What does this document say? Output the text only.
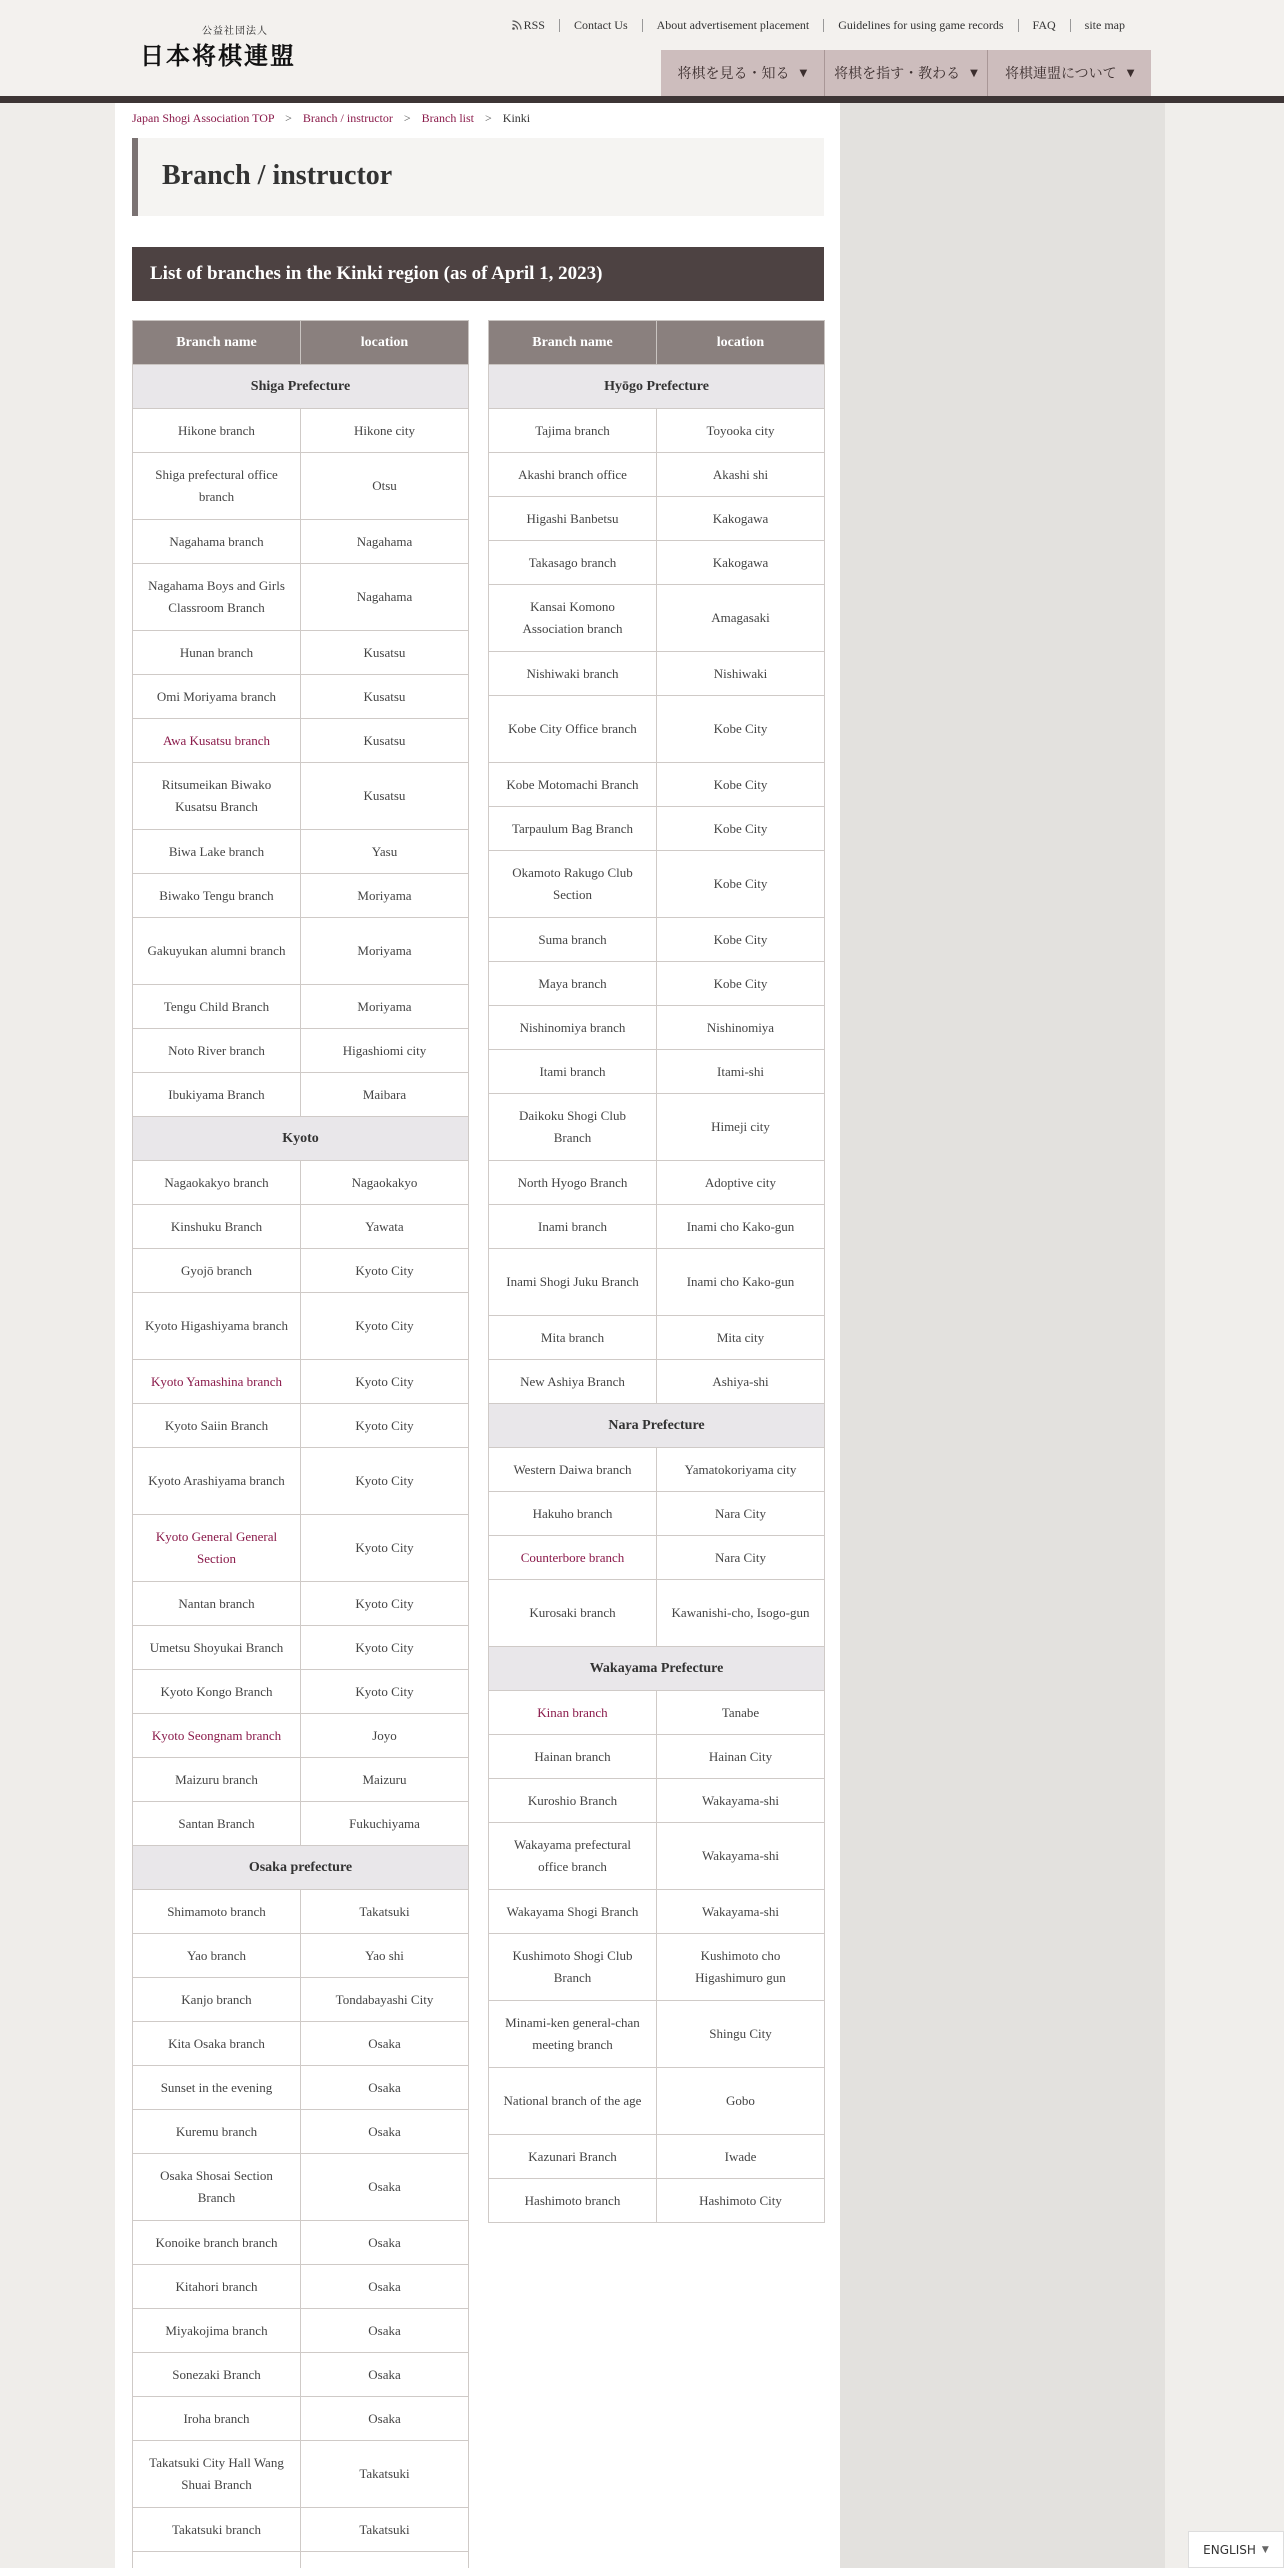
公益社団法人
日本将棋連盟
RSS	Contact Us	About advertisement placement	Guidelines for using game records	FAQ	site map
将棋を見る・知る ▼ 将棋を指す・教わる ▼ 将棋連盟について ▼
Japan Shogi Association TOP > Branch / instructor > Branch list > Kinki
Branch / instructor
List of branches in the Kinki region (as of April 1, 2023)
Branch name	location
Shiga Prefecture	
Hikone branch	Hikone city
Shiga prefectural office branch	Otsu
Nagahama branch	Nagahama
Nagahama Boys and Girls Classroom Branch	Nagahama
Hunan branch	Kusatsu
Omi Moriyama branch	Kusatsu
Awa Kusatsu branch	Kusatsu
Ritsumeikan Biwako Kusatsu Branch	Kusatsu
Biwa Lake branch	Yasu
Biwako Tengu branch	Moriyama
Gakuyukan alumni branch	Moriyama
Tengu Child Branch	Moriyama
Noto River branch	Higashiomi city
Ibukiyama Branch	Maibara
Kyoto	
Nagaokakyo branch	Nagaokakyo
Kinshuku Branch	Yawata
Gyojō branch	Kyoto City
Kyoto Higashiyama branch	Kyoto City
Kyoto Yamashina branch	Kyoto City
Kyoto Saiin Branch	Kyoto City
Kyoto Arashiyama branch	Kyoto City
Kyoto General General Section	Kyoto City
Nantan branch	Kyoto City
Umetsu Shoyukai Branch	Kyoto City
Kyoto Kongo Branch	Kyoto City
Kyoto Seongnam branch	Joyo
Maizuru branch	Maizuru
Santan Branch	Fukuchiyama
Osaka prefecture	
Shimamoto branch	Takatsuki
Yao branch	Yao shi
Kanjo branch	Tondabayashi City
Kita Osaka branch	Osaka
Sunset in the evening	Osaka
Kuremu branch	Osaka
Osaka Shosai Section Branch	Osaka
Konoike branch branch	Osaka
Kitahori branch	Osaka
Miyakojima branch	Osaka
Sonezaki Branch	Osaka
Iroha branch	Osaka
Takatsuki City Hall Wang Shuai Branch	Takatsuki
Takatsuki branch	Takatsuki

Branch name	location
Hyōgo Prefecture	
Tajima branch	Toyooka city
Akashi branch office	Akashi shi
Higashi Banbetsu	Kakogawa
Takasago branch	Kakogawa
Kansai Komono Association branch	Amagasaki
Nishiwaki branch	Nishiwaki
Kobe City Office branch	Kobe City
Kobe Motomachi Branch	Kobe City
Tarpaulum Bag Branch	Kobe City
Okamoto Rakugo Club Section	Kobe City
Suma branch	Kobe City
Maya branch	Kobe City
Nishinomiya branch	Nishinomiya
Itami branch	Itami-shi
Daikoku Shogi Club Branch	Himeji city
North Hyogo Branch	Adoptive city
Inami branch	Inami cho Kako-gun
Inami Shogi Juku Branch	Inami cho Kako-gun
Mita branch	Mita city
New Ashiya Branch	Ashiya-shi
Nara Prefecture	
Western Daiwa branch	Yamatokoriyama city
Hakuho branch	Nara City
Counterbore branch	Nara City
Kurosaki branch	Kawanishi-cho, Isogo-gun
Wakayama Prefecture	
Kinan branch	Tanabe
Hainan branch	Hainan City
Kuroshio Branch	Wakayama-shi
Wakayama prefectural office branch	Wakayama-shi
Wakayama Shogi Branch	Wakayama-shi
Kushimoto Shogi Club Branch	Kushimoto cho Higashimuro gun
Minami-ken general-chan meeting branch	Shingu City
National branch of the age	Gobo
Kazunari Branch	Iwade
Hashimoto branch	Hashimoto City
ENGLISH ▼
